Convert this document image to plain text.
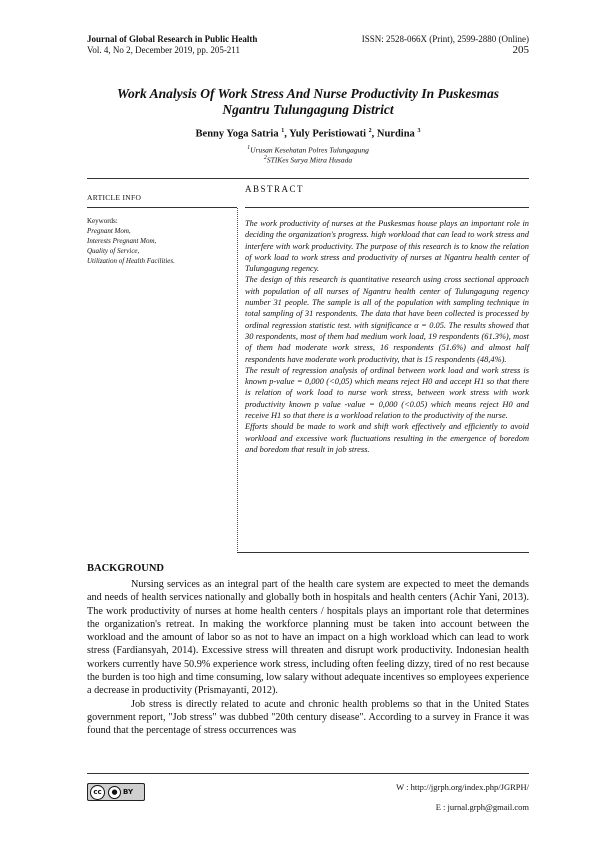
Journal of Global Research in Public Health
Vol. 4, No 2, December 2019, pp. 205-211
ISSN: 2528-066X (Print), 2599-2880 (Online)
205
Work Analysis Of Work Stress And Nurse Productivity In Puskesmas
Ngantru Tulungagung District
Benny Yoga Satria $^1$, Yuly Peristiowati $^2$, Nurdina $^3$
$^1$Urusan Kesehatan Polres Tulungagung
$^2$STIKes Surya Mitra Husada
ARTICLE INFO
ABSTRACT
Keywords:
Pregnant Mom,
Interests Pregnant Mom,
Quality of Service,
Utilization of Health Facilities.

The work productivity of nurses at the Puskesmas house plays an important role in deciding the organization's progress. high workload that can lead to work stress and interfere with work productivity. The purpose of this research is to know the relation of work load to work stress and productivity of nurses at Ngantru health center of Tulungagung regency.

The design of this research is quantitative research using cross sectional approach with population of all nurses of Ngantru health center of Tulungagung regency number 31 people. The sample is all of the population with sampling technique in total sampling of 31 respondents. The data that have been collected is processed by ordinal regression statistic test. with significance α = 0.05. The results showed that 30 respondents, most of them had medium work load, 19 respondents (61.3%), most of them had moderate work stress, 16 respondents (51.6%) and almost half respondents have moderate work productivity, that is 15 respondents (48,4%).

The result of regression analysis of ordinal between work load and work stress is known p-value = 0,000 (<0,05) which means reject H0 and accept H1 so that there is relation of work load to nurse work stress, between work stress with work productivity known p value -value = 0,000 (<0.05) which means reject H0 and receive H1 so that there is a workload relation to the productivity of the nurse.

Efforts should be made to work and shift work effectively and efficiently to avoid workload and excessive work fluctuations resulting in the emergence of boredom and boredom that result in job stress.

BACKGROUND

Nursing services as an integral part of the health care system are expected to meet the demands and needs of health services nationally and globally both in hospitals and health centers (Achir Yani, 2013). The work productivity of nurses at home health centers / hospitals plays an important role that determines the organization's retreat. In making the workforce planning must be taken into account between the workload and the amount of labor so as not to have an impact on a high workload which can lead to work stress (Fardiansyah, 2014). Excessive stress will threaten and disrupt work productivity. Indonesian health workers currently have 50.9% experience work stress, including often feeling dizzy, tired of no rest because the burden is too high and time consuming, low salary without adequate incentives so employees experience a decrease in productivity (Prismayanti, 2012).

Job stress is directly related to acute and chronic health problems so that in the United States government report, "Job stress" was dubbed "20th century disease". According to a survey in France it was found that the percentage of stress occurrences was

cc	● BY	W : http://jgrph.org/index.php/JGRPH/
E : jurnal.grph@gmail.com
